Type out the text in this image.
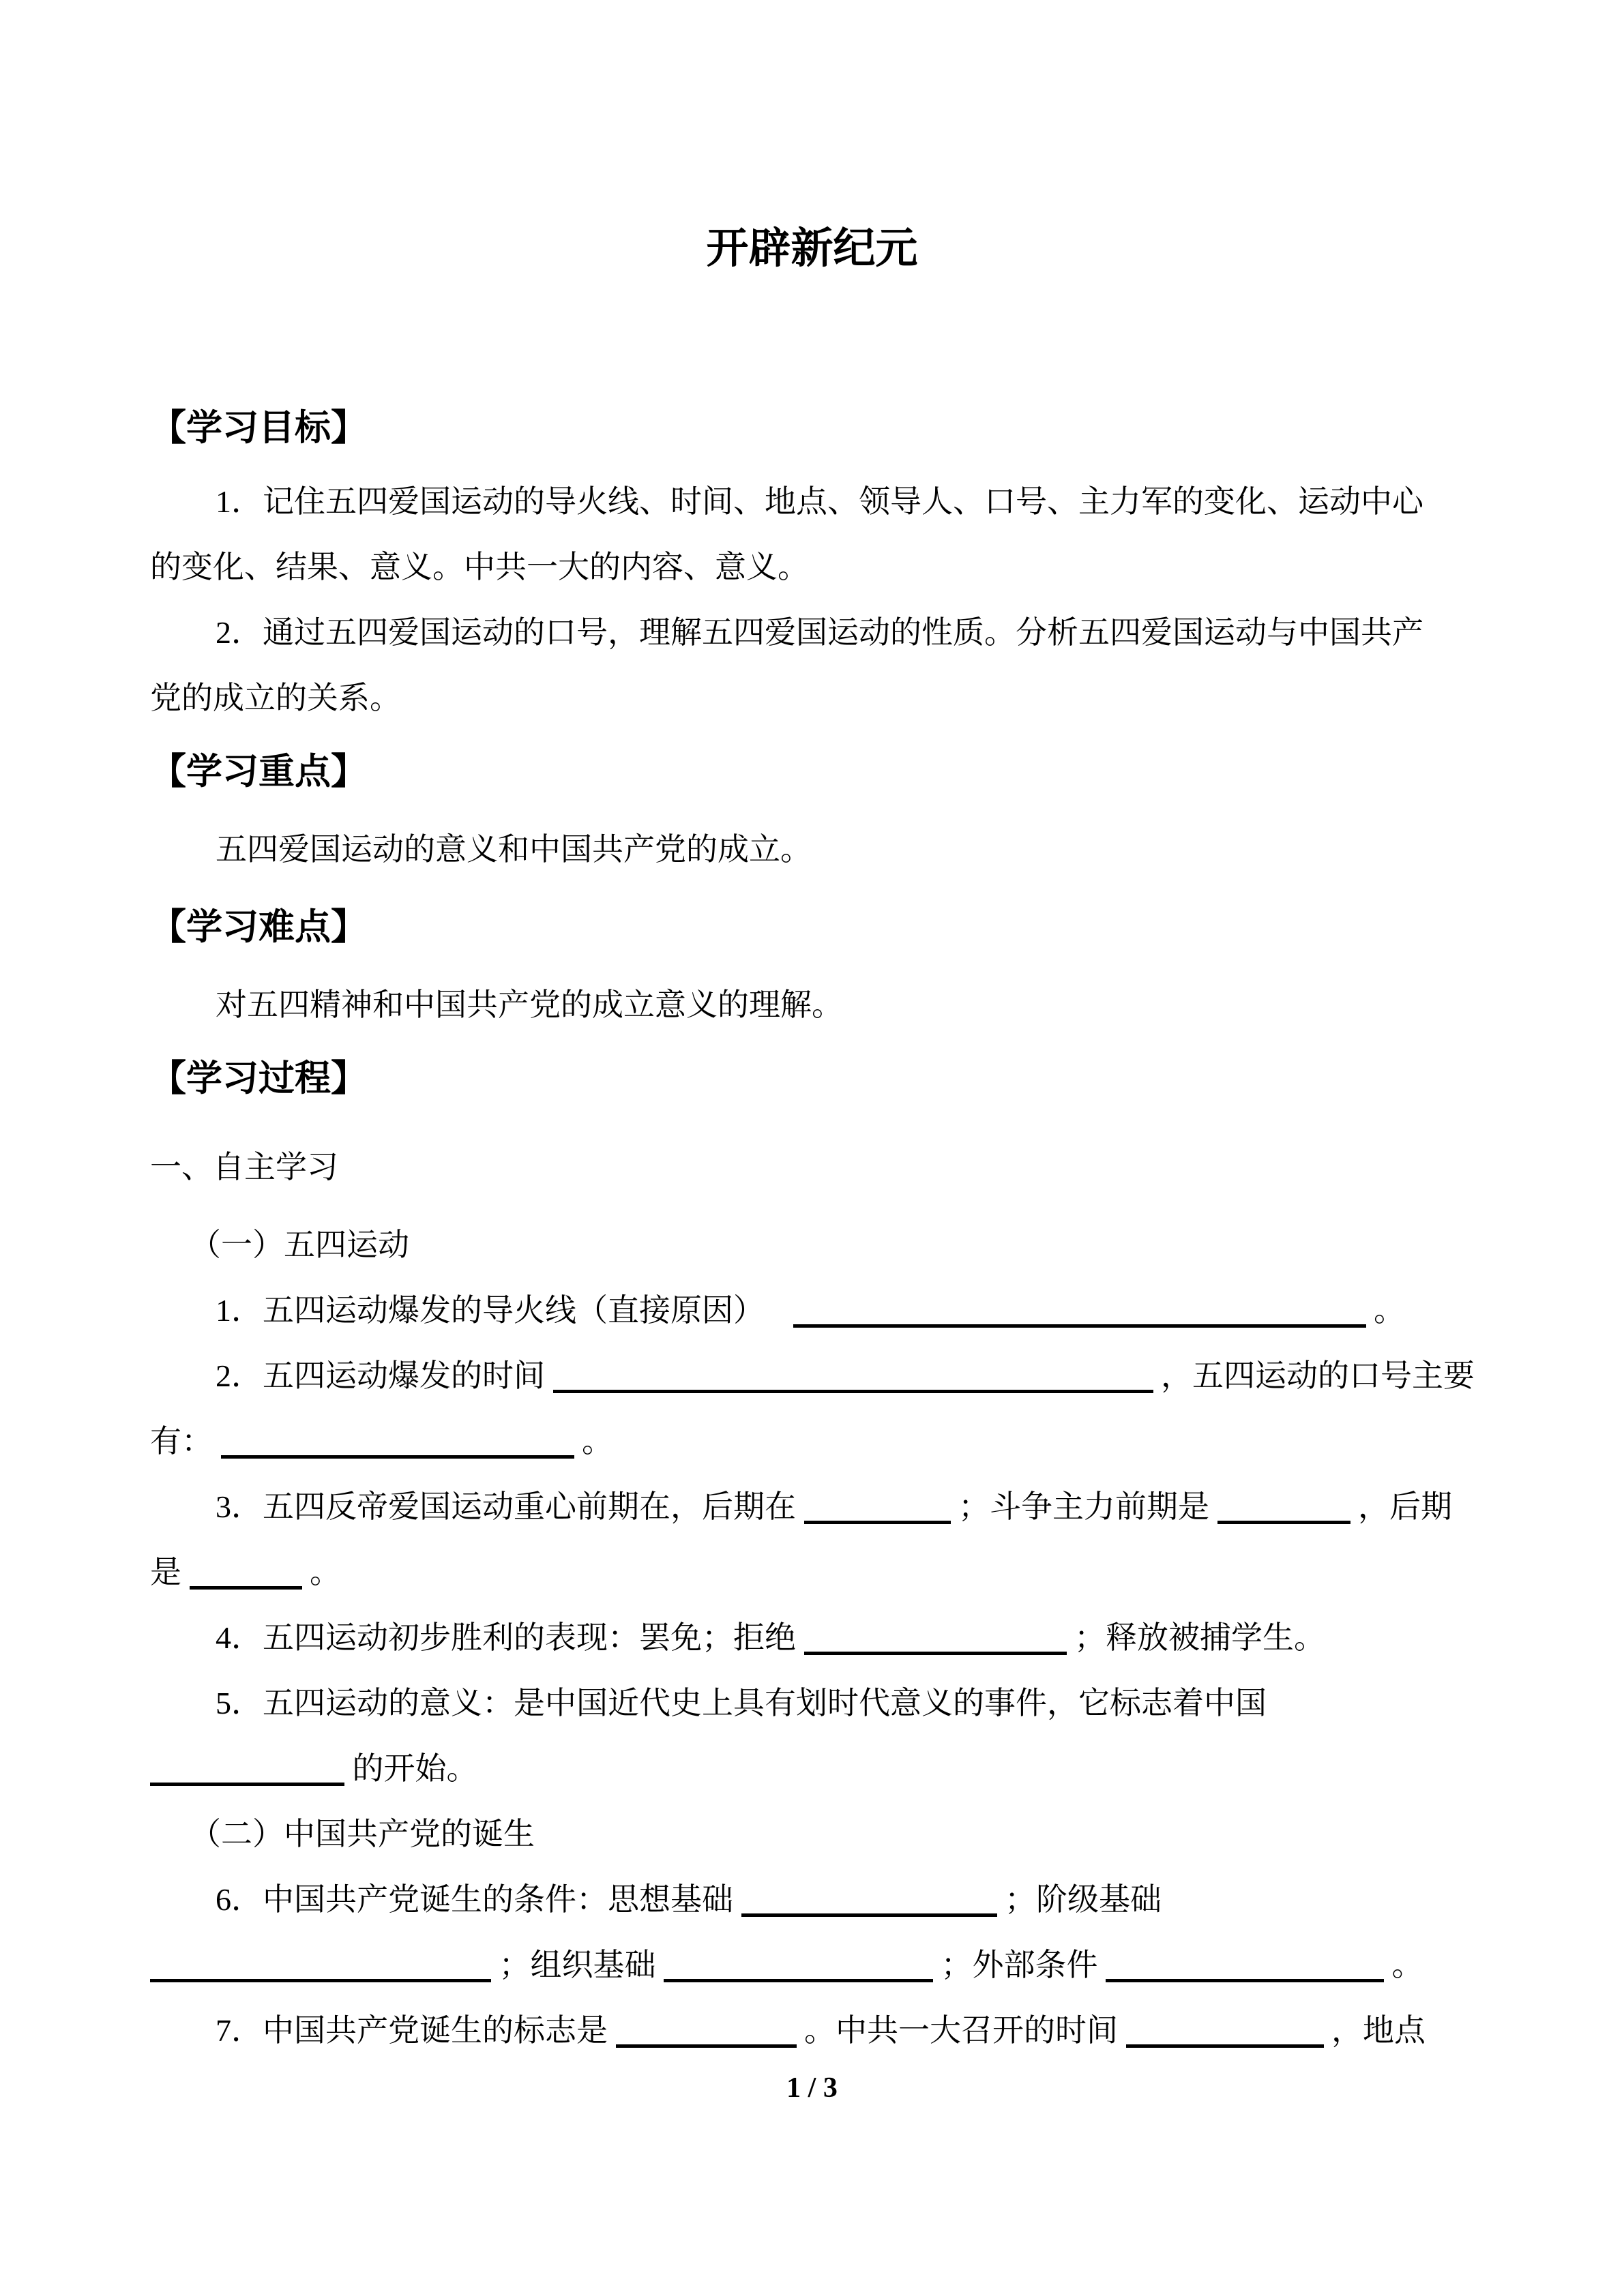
开辟新纪元
【学习目标】
1．记住五四爱国运动的导火线、时间、地点、领导人、口号、主力军的变化、运动中心
的变化、结果、意义。中共一大的内容、意义。
2．通过五四爱国运动的口号，理解五四爱国运动的性质。分析五四爱国运动与中国共产
党的成立的关系。
【学习重点】
五四爱国运动的意义和中国共产党的成立。
【学习难点】
对五四精神和中国共产党的成立意义的理解。
【学习过程】
一、自主学习
（一）五四运动
1．五四运动爆发的导火线（直接原因）	。
2．五四运动爆发的时间	，五四运动的口号主要
有：	。
3．五四反帝爱国运动重心前期在，后期在	；斗争主力前期是	，后期
是	。
4．五四运动初步胜利的表现：罢免；拒绝	；释放被捕学生。
5．五四运动的意义：是中国近代史上具有划时代意义的事件，它标志着中国
的开始。
（二）中国共产党的诞生
6．中国共产党诞生的条件：思想基础	；阶级基础
；组织基础	；外部条件	。
7．中国共产党诞生的标志是	。中共一大召开的时间	，地点
1 / 3
